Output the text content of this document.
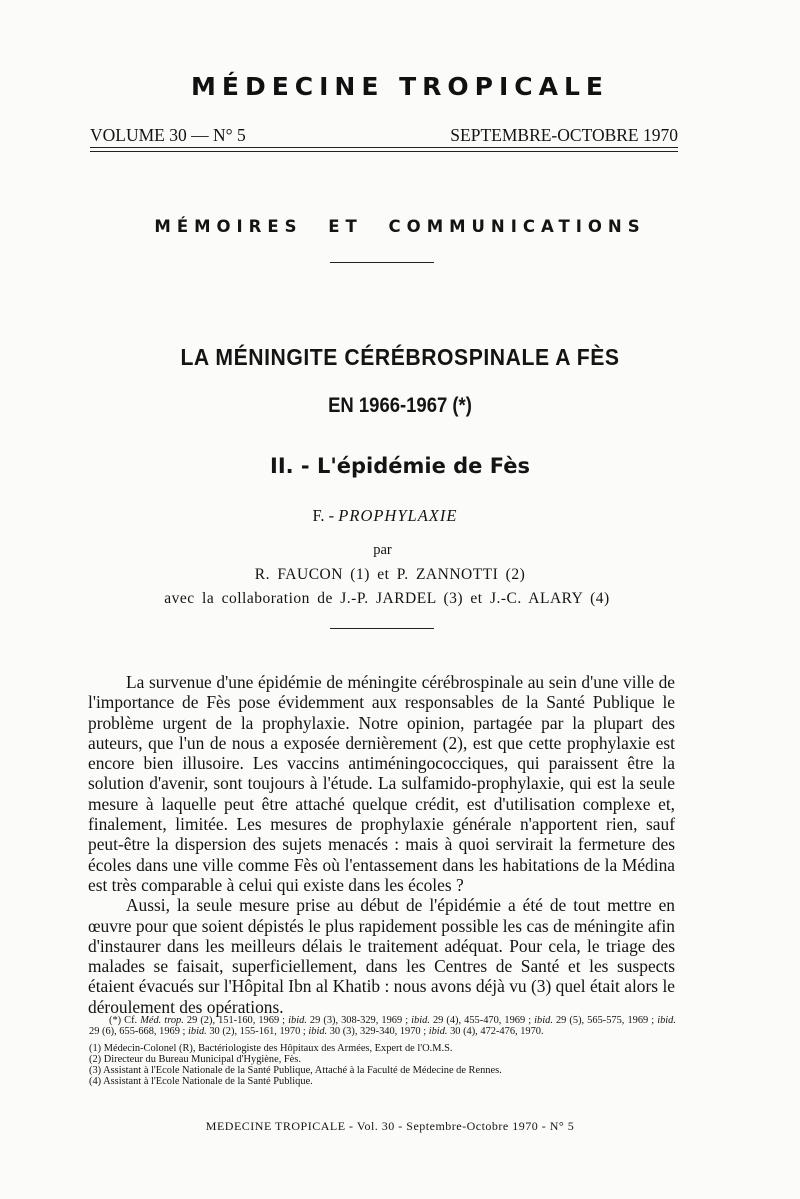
MÉDECINE TROPICALE
VOLUME 30 — N° 5	SEPTEMBRE-OCTOBRE 1970
MÉMOIRES ET COMMUNICATIONS
LA MÉNINGITE CÉRÉBROSPINALE A FÈS
EN 1966-1967 (*)
II. - L'épidémie de Fès
F. - PROPHYLAXIE
par
R. FAUCON (1) et P. ZANNOTTI (2)
avec la collaboration de J.-P. JARDEL (3) et J.-C. ALARY (4)

La survenue d'une épidémie de méningite cérébrospinale au sein d'une ville de l'importance de Fès pose évidemment aux responsables de la Santé Publique le problème urgent de la prophylaxie. Notre opinion, partagée par la plupart des auteurs, que l'un de nous a exposée dernièrement (2), est que cette prophylaxie est encore bien illusoire. Les vaccins antiméningococciques, qui paraissent être la solution d'avenir, sont toujours à l'étude. La sulfamido-prophylaxie, qui est la seule mesure à laquelle peut être attaché quelque crédit, est d'utilisation complexe et, finalement, limitée. Les mesures de prophylaxie générale n'apportent rien, sauf peut-être la dispersion des sujets menacés : mais à quoi servirait la fermeture des écoles dans une ville comme Fès où l'entassement dans les habitations de la Médina est très comparable à celui qui existe dans les écoles ?

Aussi, la seule mesure prise au début de l'épidémie a été de tout mettre en œuvre pour que soient dépistés le plus rapidement possible les cas de méningite afin d'instaurer dans les meilleurs délais le traitement adéquat. Pour cela, le triage des malades se faisait, superficiellement, dans les Centres de Santé et les suspects étaient évacués sur l'Hôpital Ibn al Khatib : nous avons déjà vu (3) quel était alors le déroulement des opérations.

(*) Cf. Méd. trop. 29 (2), 151-160, 1969 ; ibid. 29 (3), 308-329, 1969 ; ibid. 29 (4), 455-470, 1969 ; ibid. 29 (5), 565-575, 1969 ; ibid. 29 (6), 655-668, 1969 ; ibid. 30 (2), 155-161, 1970 ; ibid. 30 (3), 329-340, 1970 ; ibid. 30 (4), 472-476, 1970.

(1) Médecin-Colonel (R), Bactériologiste des Hôpitaux des Armées, Expert de l'O.M.S.
(2) Directeur du Bureau Municipal d'Hygiène, Fès.
(3) Assistant à l'Ecole Nationale de la Santé Publique, Attaché à la Faculté de Médecine de Rennes.
(4) Assistant à l'Ecole Nationale de la Santé Publique.
MEDECINE TROPICALE - Vol. 30 - Septembre-Octobre 1970 - N° 5
